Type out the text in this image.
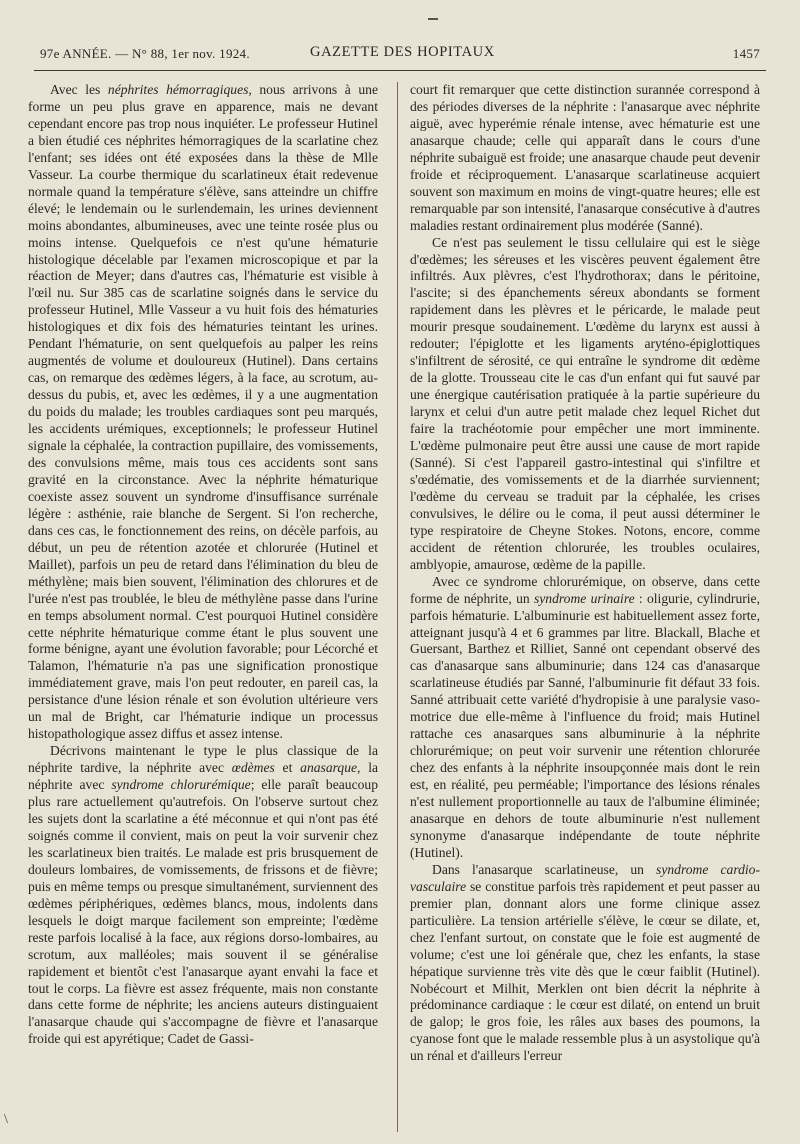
97e ANNÉE. — N° 88, 1er nov. 1924.	GAZETTE DES HOPITAUX	1457

Avec les néphrites hémorragiques, nous arrivons à une forme un peu plus grave en apparence, mais ne devant cependant encore pas trop nous inquiéter. Le professeur Hutinel a bien étudié ces néphrites hémorragiques de la scarlatine chez l'enfant; ses idées ont été exposées dans la thèse de Mlle Vasseur. La courbe thermique du scarlatineux était redevenue normale quand la température s'élève, sans atteindre un chiffre élevé; le lendemain ou le surlendemain, les urines deviennent moins abondantes, albumineuses, avec une teinte rosée plus ou moins intense. Quelquefois ce n'est qu'une hématurie histologique décelable par l'examen microscopique et par la réaction de Meyer; dans d'autres cas, l'hématurie est visible à l'œil nu. Sur 385 cas de scarlatine soignés dans le service du professeur Hutinel, Mlle Vasseur a vu huit fois des hématuries histologiques et dix fois des hématuries teintant les urines. Pendant l'hématurie, on sent quelquefois au palper les reins augmentés de volume et douloureux (Hutinel). Dans certains cas, on remarque des œdèmes légers, à la face, au scrotum, au-dessus du pubis, et, avec les œdèmes, il y a une augmentation du poids du malade; les troubles cardiaques sont peu marqués, les accidents urémiques, exceptionnels; le professeur Hutinel signale la céphalée, la contraction pupillaire, des vomissements, des convulsions même, mais tous ces accidents sont sans gravité en la circonstance. Avec la néphrite hématurique coexiste assez souvent un syndrome d'insuffisance surrénale légère : asthénie, raie blanche de Sergent. Si l'on recherche, dans ces cas, le fonctionnement des reins, on décèle parfois, au début, un peu de rétention azotée et chlorurée (Hutinel et Maillet), parfois un peu de retard dans l'élimination du bleu de méthylène; mais bien souvent, l'élimination des chlorures et de l'urée n'est pas troublée, le bleu de méthylène passe dans l'urine en temps absolument normal. C'est pourquoi Hutinel considère cette néphrite hématurique comme étant le plus souvent une forme bénigne, ayant une évolution favorable; pour Lécorché et Talamon, l'hématurie n'a pas une signification pronostique immédiatement grave, mais l'on peut redouter, en pareil cas, la persistance d'une lésion rénale et son évolution ultérieure vers un mal de Bright, car l'hématurie indique un processus histopathologique assez diffus et assez intense.

Décrivons maintenant le type le plus classique de la néphrite tardive, la néphrite avec œdèmes et anasarque, la néphrite avec syndrome chlorurémique; elle paraît beaucoup plus rare actuellement qu'autrefois. On l'observe surtout chez les sujets dont la scarlatine a été méconnue et qui n'ont pas été soignés comme il convient, mais on peut la voir survenir chez les scarlatineux bien traités. Le malade est pris brusquement de douleurs lombaires, de vomissements, de frissons et de fièvre; puis en même temps ou presque simultanément, surviennent des œdèmes périphériques, œdèmes blancs, mous, indolents dans lesquels le doigt marque facilement son empreinte; l'œdème reste parfois localisé à la face, aux régions dorso-lombaires, au scrotum, aux malléoles; mais souvent il se généralise rapidement et bientôt c'est l'anasarque ayant envahi la face et tout le corps. La fièvre est assez fréquente, mais non constante dans cette forme de néphrite; les anciens auteurs distinguaient l'anasarque chaude qui s'accompagne de fièvre et l'anasarque froide qui est apyrétique; Cadet de Gassi-

court fit remarquer que cette distinction surannée correspond à des périodes diverses de la néphrite : l'anasarque avec néphrite aiguë, avec hyperémie rénale intense, avec hématurie est une anasarque chaude; celle qui apparaît dans le cours d'une néphrite subaiguë est froide; une anasarque chaude peut devenir froide et réciproquement. L'anasarque scarlatineuse acquiert souvent son maximum en moins de vingt-quatre heures; elle est remarquable par son intensité, l'anasarque consécutive à d'autres maladies restant ordinairement plus modérée (Sanné).

Ce n'est pas seulement le tissu cellulaire qui est le siège d'œdèmes; les séreuses et les viscères peuvent également être infiltrés. Aux plèvres, c'est l'hydrothorax; dans le péritoine, l'ascite; si des épanchements séreux abondants se forment rapidement dans les plèvres et le péricarde, le malade peut mourir presque soudainement. L'œdème du larynx est aussi à redouter; l'épiglotte et les ligaments aryténo-épiglottiques s'infiltrent de sérosité, ce qui entraîne le syndrome dit œdème de la glotte. Trousseau cite le cas d'un enfant qui fut sauvé par une énergique cautérisation pratiquée à la partie supérieure du larynx et celui d'un autre petit malade chez lequel Richet dut faire la trachéotomie pour empêcher une mort imminente. L'œdème pulmonaire peut être aussi une cause de mort rapide (Sanné). Si c'est l'appareil gastro-intestinal qui s'infiltre et s'œdématie, des vomissements et de la diarrhée surviennent; l'œdème du cerveau se traduit par la céphalée, les crises convulsives, le délire ou le coma, il peut aussi déterminer le type respiratoire de Cheyne Stokes. Notons, encore, comme accident de rétention chlorurée, les troubles oculaires, amblyopie, amaurose, œdème de la papille.

Avec ce syndrome chlorurémique, on observe, dans cette forme de néphrite, un syndrome urinaire : oligurie, cylindrurie, parfois hématurie. L'albuminurie est habituellement assez forte, atteignant jusqu'à 4 et 6 grammes par litre. Blackall, Blache et Guersant, Barthez et Rilliet, Sanné ont cependant observé des cas d'anasarque sans albuminurie; dans 124 cas d'anasarque scarlatineuse étudiés par Sanné, l'albuminurie fit défaut 33 fois. Sanné attribuait cette variété d'hydropisie à une paralysie vaso-motrice due elle-même à l'influence du froid; mais Hutinel rattache ces anasarques sans albuminurie à la néphrite chlorurémique; on peut voir survenir une rétention chlorurée chez des enfants à la néphrite insoupçonnée mais dont le rein est, en réalité, peu perméable; l'importance des lésions rénales n'est nullement proportionnelle au taux de l'albumine éliminée; anasarque en dehors de toute albuminurie n'est nullement synonyme d'anasarque indépendante de toute néphrite (Hutinel).

Dans l'anasarque scarlatineuse, un syndrome cardio-vasculaire se constitue parfois très rapidement et peut passer au premier plan, donnant alors une forme clinique assez particulière. La tension artérielle s'élève, le cœur se dilate, et, chez l'enfant surtout, on constate que le foie est augmenté de volume; c'est une loi générale que, chez les enfants, la stase hépatique survienne très vite dès que le cœur faiblit (Hutinel). Nobécourt et Milhit, Merklen ont bien décrit la néphrite à prédominance cardiaque : le cœur est dilaté, on entend un bruit de galop; le gros foie, les râles aux bases des poumons, la cyanose font que le malade ressemble plus à un asystolique qu'à un rénal et d'ailleurs l'erreur

\
